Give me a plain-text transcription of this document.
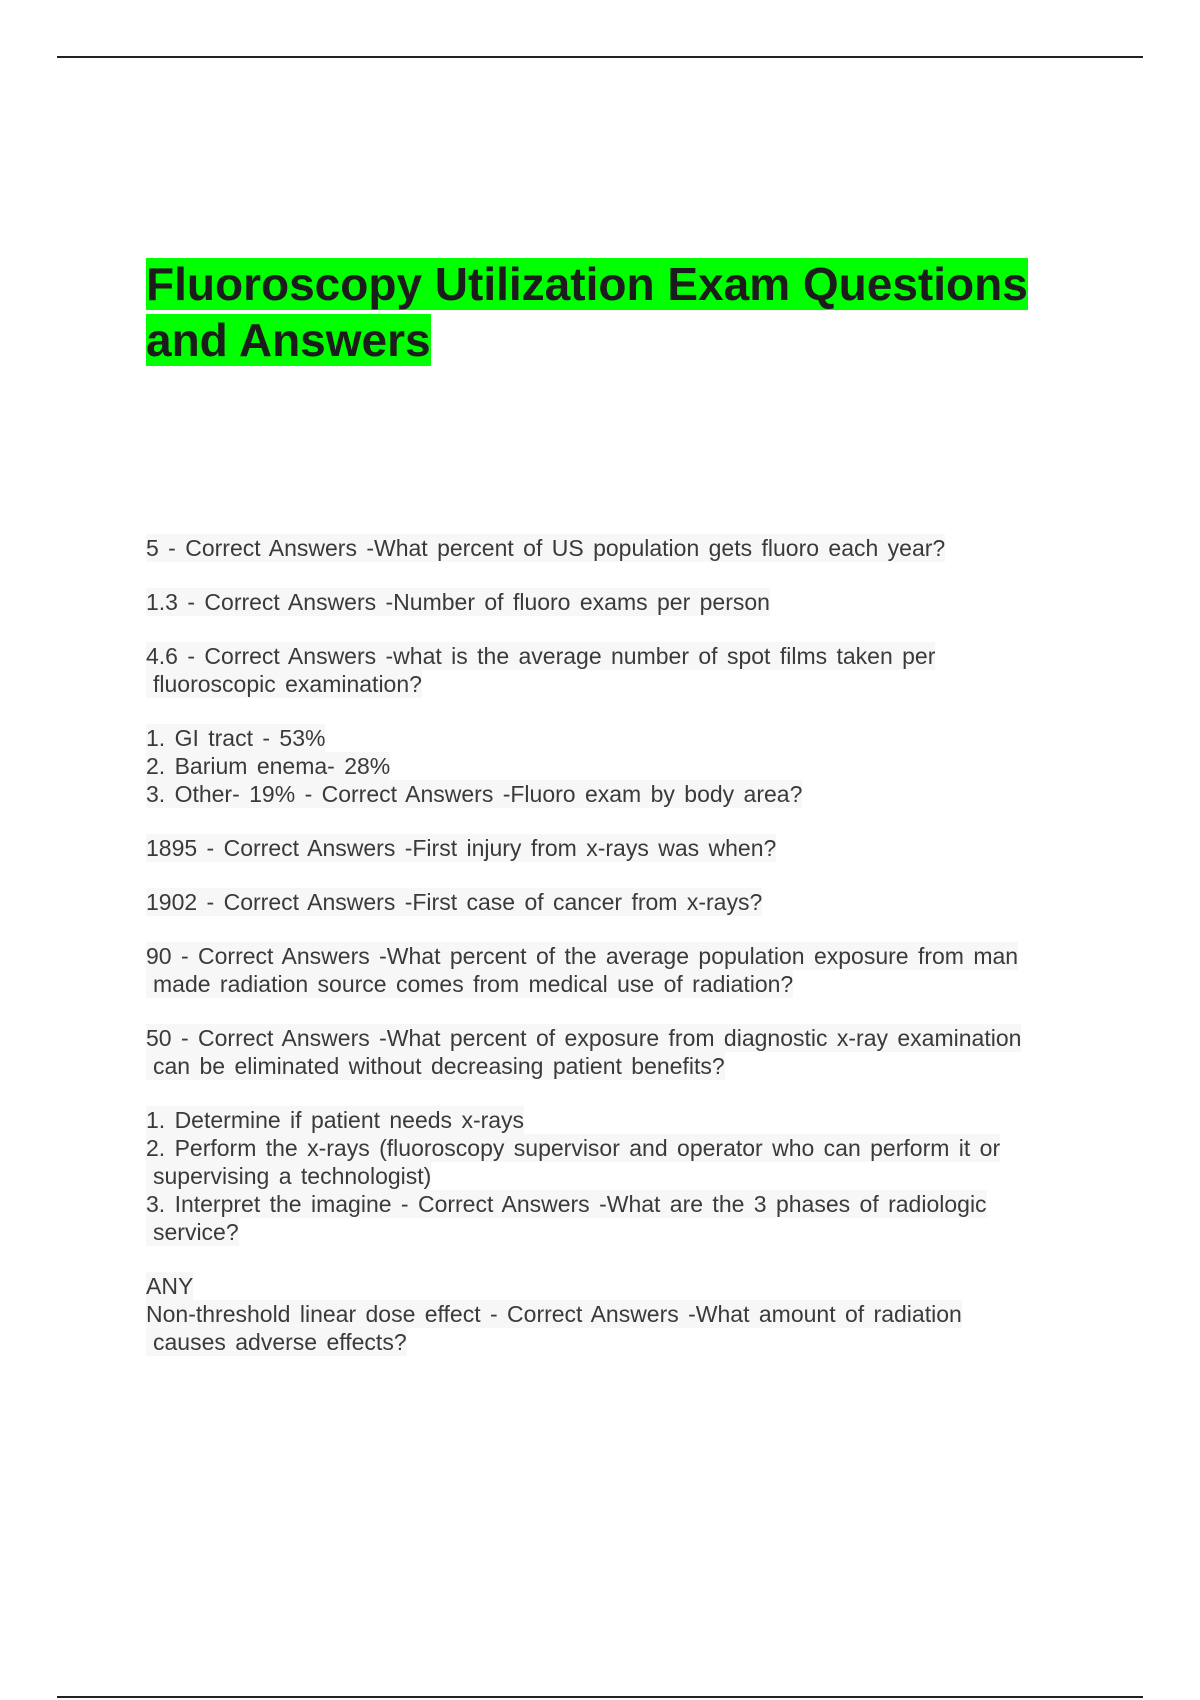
Fluoroscopy Utilization Exam Questions
and Answers

5 - Correct Answers -What percent of US population gets fluoro each year?

1.3 - Correct Answers -Number of fluoro exams per person

4.6 - Correct Answers -what is the average number of spot films taken per
fluoroscopic examination?

1. GI tract - 53%
2. Barium enema- 28%
3. Other- 19% - Correct Answers -Fluoro exam by body area?

1895 - Correct Answers -First injury from x-rays was when?

1902 - Correct Answers -First case of cancer from x-rays?

90 - Correct Answers -What percent of the average population exposure from man
made radiation source comes from medical use of radiation?

50 - Correct Answers -What percent of exposure from diagnostic x-ray examination
can be eliminated without decreasing patient benefits?

1. Determine if patient needs x-rays
2. Perform the x-rays (fluoroscopy supervisor and operator who can perform it or
supervising a technologist)
3. Interpret the imagine - Correct Answers -What are the 3 phases of radiologic
service?

ANY
Non-threshold linear dose effect - Correct Answers -What amount of radiation
causes adverse effects?
